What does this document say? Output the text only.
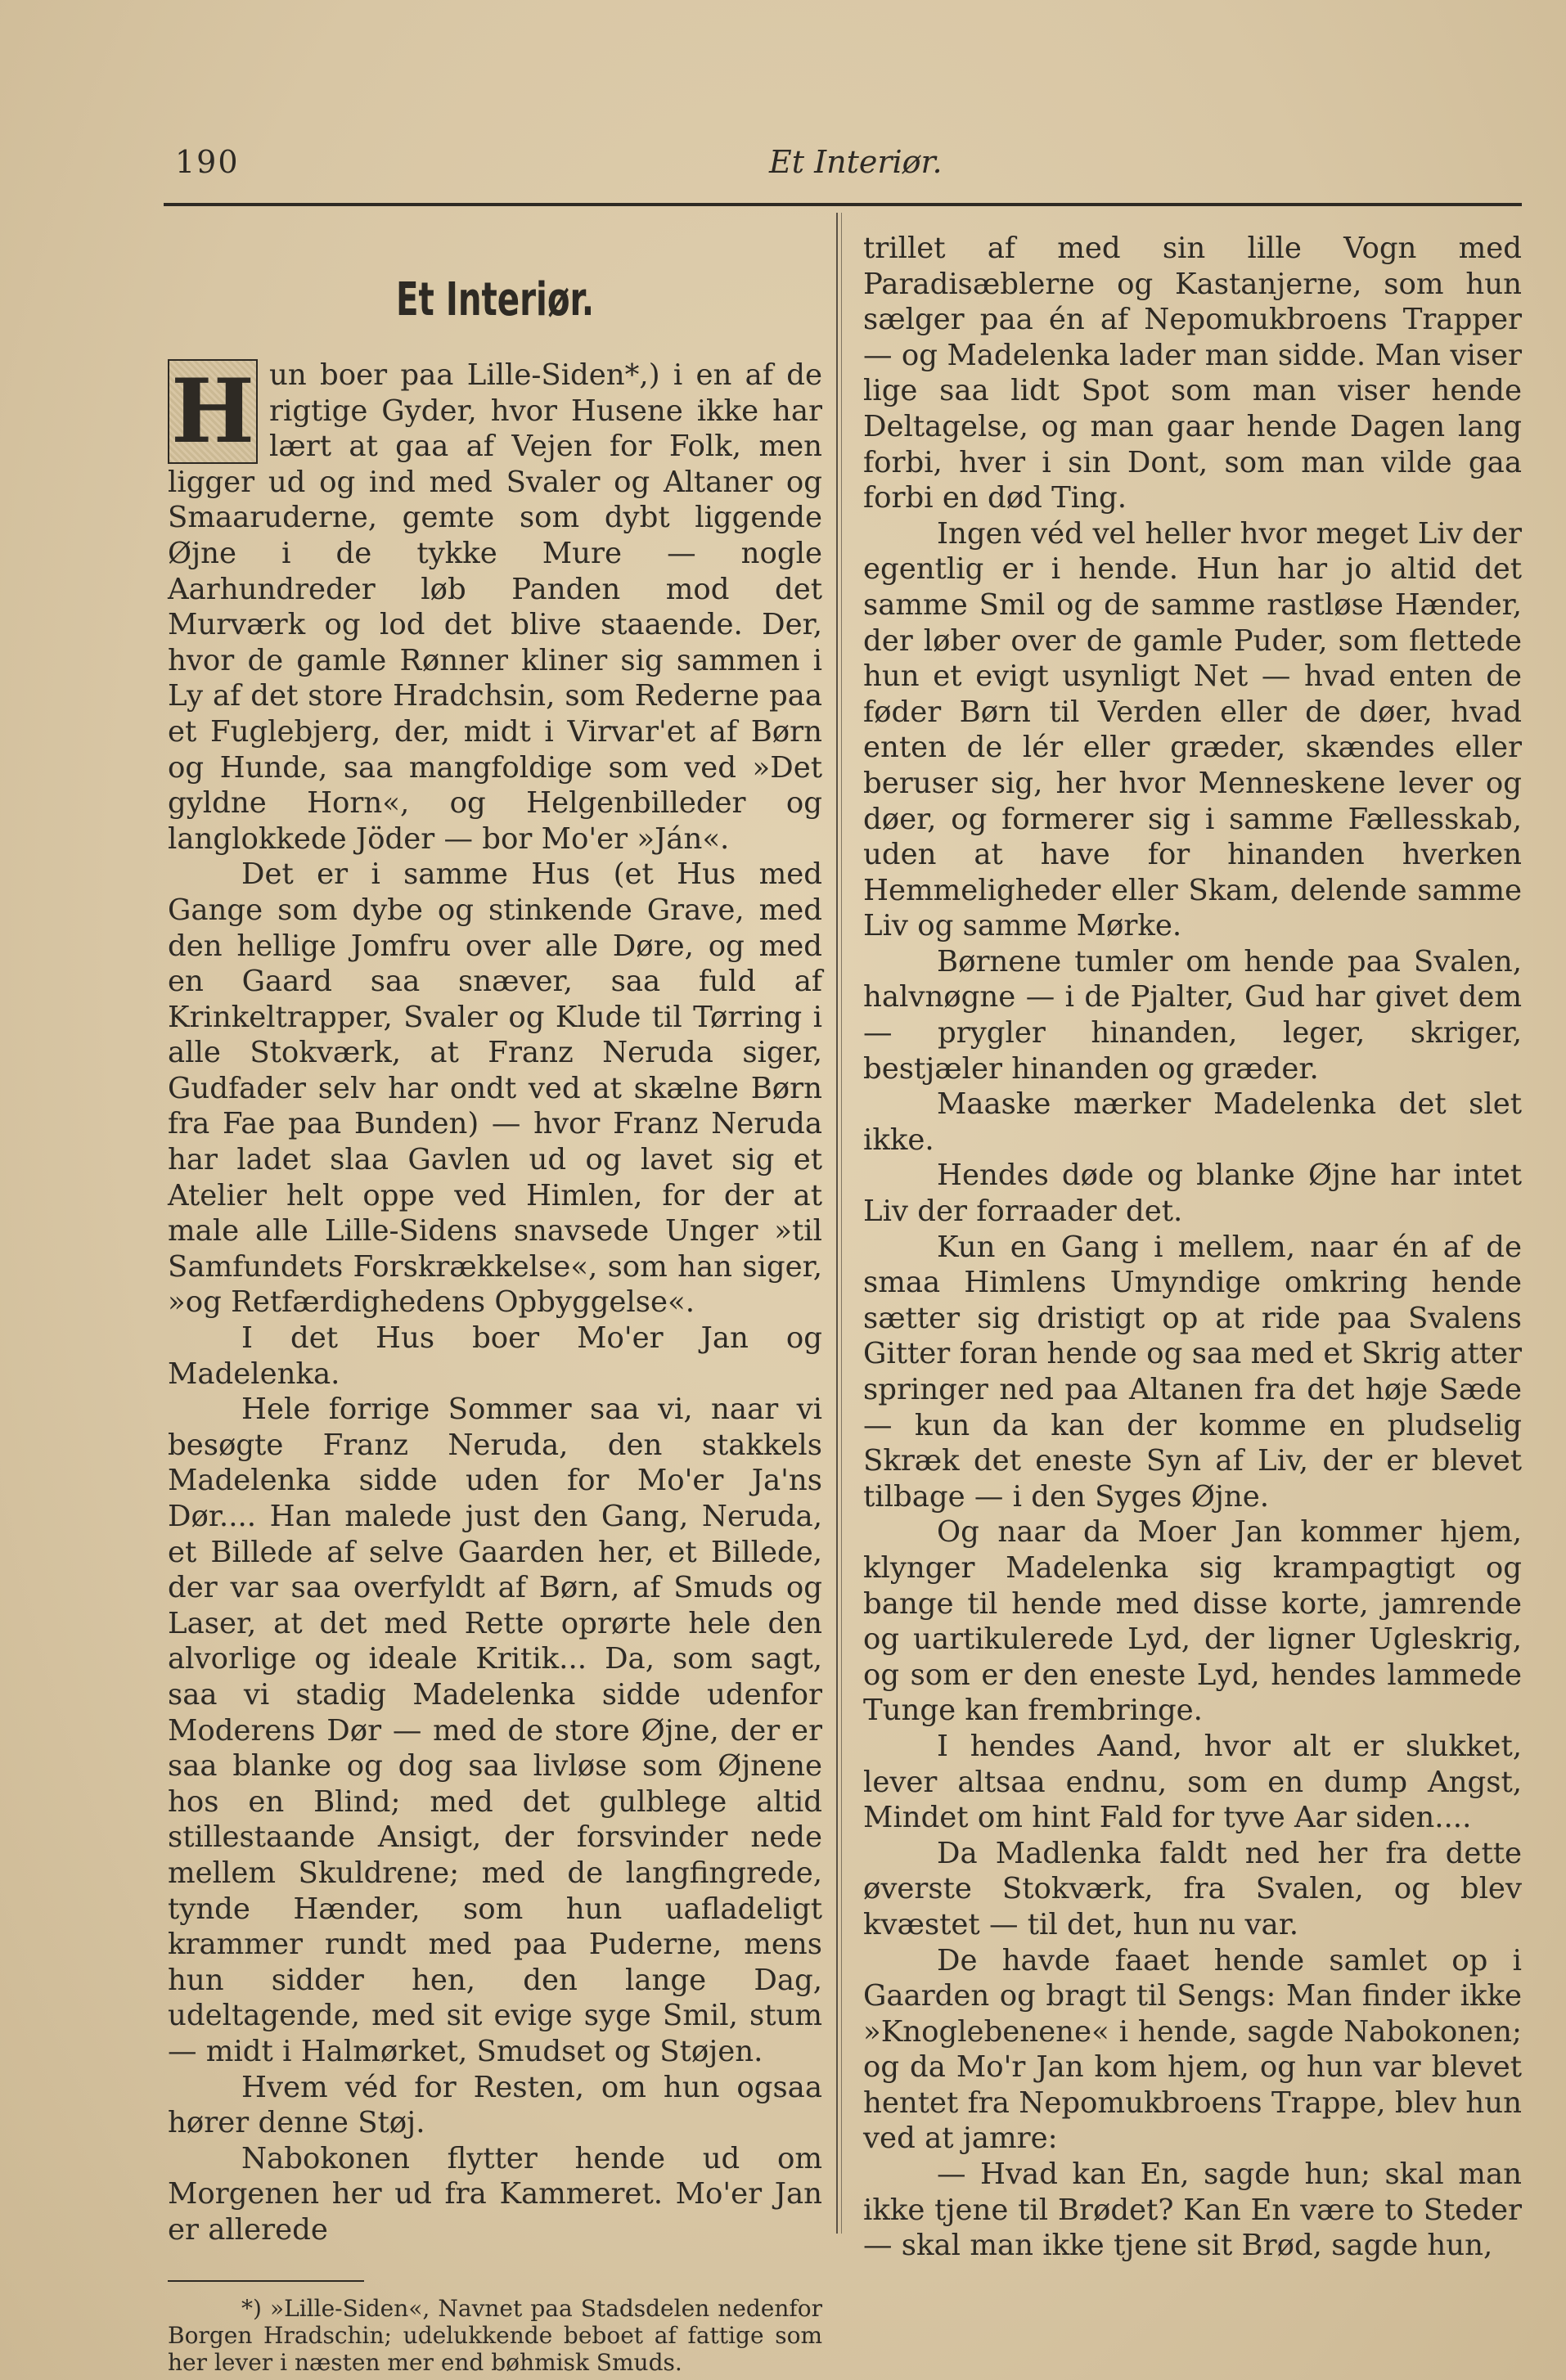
190	Et Interiør.
Et Interiør.

H un boer paa Lille-Siden*,) i en af de rigtige Gyder, hvor Husene ikke har lært at gaa af Vejen for Folk, men ligger ud og ind med Svaler og Altaner og Smaaruderne, gemte som dybt liggende Øjne i de tykke Mure — nogle Aarhundreder løb Panden mod det Murværk og lod det blive staaende. Der, hvor de gamle Rønner kliner sig sammen i Ly af det store Hradchsin, som Rederne paa et Fuglebjerg, der, midt i Virvar'et af Børn og Hunde, saa mangfoldige som ved »Det gyldne Horn«, og Helgenbilleder og langlokkede Jöder — bor Mo'er »Ján«.

Det er i samme Hus (et Hus med Gange som dybe og stinkende Grave, med den hellige Jomfru over alle Døre, og med en Gaard saa snæver, saa fuld af Krinkeltrapper, Svaler og Klude til Tørring i alle Stokværk, at Franz Neruda siger, Gudfader selv har ondt ved at skælne Børn fra Fae paa Bunden) — hvor Franz Neruda har ladet slaa Gavlen ud og lavet sig et Atelier helt oppe ved Himlen, for der at male alle Lille-Sidens snavsede Unger »til Samfundets Forskrækkelse«, som han siger, »og Retfærdighedens Opbyggelse«.

I det Hus boer Mo'er Jan og Madelenka.

Hele forrige Sommer saa vi, naar vi besøgte Franz Neruda, den stakkels Madelenka sidde uden for Mo'er Ja'ns Dør.... Han malede just den Gang, Neruda, et Billede af selve Gaarden her, et Billede, der var saa overfyldt af Børn, af Smuds og Laser, at det med Rette oprørte hele den alvorlige og ideale Kritik... Da, som sagt, saa vi stadig Madelenka sidde udenfor Moderens Dør — med de store Øjne, der er saa blanke og dog saa livløse som Øjnene hos en Blind; med det gulblege altid stillestaande Ansigt, der forsvinder nede mellem Skuldrene; med de langfingrede, tynde Hænder, som hun uafladeligt krammer rundt med paa Puderne, mens hun sidder hen, den lange Dag, udeltagende, med sit evige syge Smil, stum — midt i Halmørket, Smudset og Støjen.

Hvem véd for Resten, om hun ogsaa hører denne Støj.

Nabokonen flytter hende ud om Morgenen her ud fra Kammeret. Mo'er Jan er allerede

*) »Lille-Siden«, Navnet paa Stadsdelen nedenfor Borgen Hradschin; udelukkende beboet af fattige som her lever i næsten mer end bøhmisk Smuds.

trillet af med sin lille Vogn med Paradisæblerne og Kastanjerne, som hun sælger paa én af Nepomukbroens Trapper — og Madelenka lader man sidde. Man viser lige saa lidt Spot som man viser hende Deltagelse, og man gaar hende Dagen lang forbi, hver i sin Dont, som man vilde gaa forbi en død Ting.

Ingen véd vel heller hvor meget Liv der egentlig er i hende. Hun har jo altid det samme Smil og de samme rastløse Hænder, der løber over de gamle Puder, som flettede hun et evigt usynligt Net — hvad enten de føder Børn til Verden eller de døer, hvad enten de lér eller græder, skændes eller beruser sig, her hvor Menneskene lever og døer, og formerer sig i samme Fællesskab, uden at have for hinanden hverken Hemmeligheder eller Skam, delende samme Liv og samme Mørke.

Børnene tumler om hende paa Svalen, halvnøgne — i de Pjalter, Gud har givet dem — prygler hinanden, leger, skriger, bestjæler hinanden og græder.

Maaske mærker Madelenka det slet ikke.

Hendes døde og blanke Øjne har intet Liv der forraader det.

Kun en Gang i mellem, naar én af de smaa Himlens Umyndige omkring hende sætter sig dristigt op at ride paa Svalens Gitter foran hende og saa med et Skrig atter springer ned paa Altanen fra det høje Sæde — kun da kan der komme en pludselig Skræk det eneste Syn af Liv, der er blevet tilbage — i den Syges Øjne.

Og naar da Moer Jan kommer hjem, klynger Madelenka sig krampagtigt og bange til hende med disse korte, jamrende og uartikulerede Lyd, der ligner Ugleskrig, og som er den eneste Lyd, hendes lammede Tunge kan frembringe.

I hendes Aand, hvor alt er slukket, lever altsaa endnu, som en dump Angst, Mindet om hint Fald for tyve Aar siden....

Da Madlenka faldt ned her fra dette øverste Stokværk, fra Svalen, og blev kvæstet — til det, hun nu var.

De havde faaet hende samlet op i Gaarden og bragt til Sengs: Man finder ikke »Knoglebenene« i hende, sagde Nabokonen; og da Mo'r Jan kom hjem, og hun var blevet hentet fra Nepomukbroens Trappe, blev hun ved at jamre:

— Hvad kan En, sagde hun; skal man ikke tjene til Brødet? Kan En være to Steder — skal man ikke tjene sit Brød, sagde hun,
